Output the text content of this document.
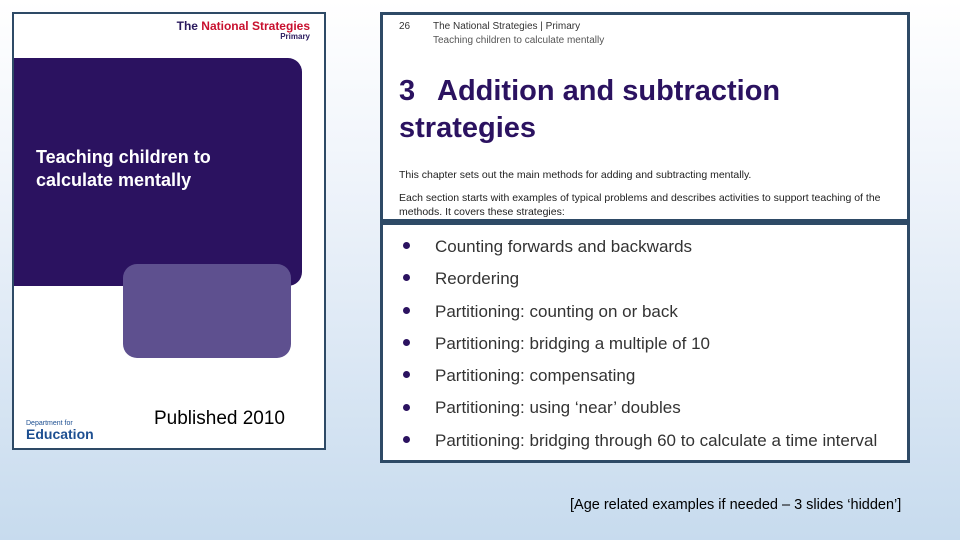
The National Strategies
Primary
Teaching children to calculate mentally
Department for
Education
Published 2010
26 The National Strategies | Primary
Teaching children to calculate mentally
3 Addition and subtraction strategies
This chapter sets out the main methods for adding and subtracting mentally.
Each section starts with examples of typical problems and describes activities to support teaching of the methods. It covers these strategies:
Counting forwards and backwards
Reordering
Partitioning: counting on or back
Partitioning: bridging a multiple of 10
Partitioning: compensating
Partitioning: using ‘near’ doubles
Partitioning: bridging through 60 to calculate a time interval
[Age related examples if needed – 3 slides ‘hidden’]
